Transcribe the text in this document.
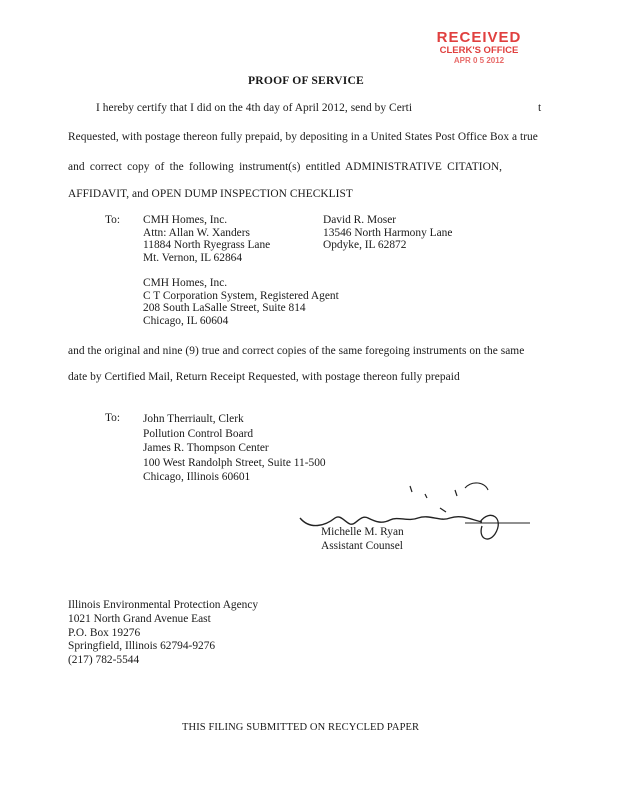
RECEIVED
CLERK'S OFFICE
APR 0 5 2012
PROOF OF SERVICE
I hereby certify that I did on the 4th day of April 2012, send by Certi	t
Requested, with postage thereon fully prepaid, by depositing in a United States Post Office Box a true
and correct copy of the following instrument(s) entitled ADMINISTRATIVE CITATION,
AFFIDAVIT, and OPEN DUMP INSPECTION CHECKLIST
To: CMH Homes, Inc.
Attn: Allan W. Xanders
11884 North Ryegrass Lane
Mt. Vernon, IL 62864
David R. Moser
13546 North Harmony Lane
Opdyke, IL 62872
CMH Homes, Inc.
C T Corporation System, Registered Agent
208 South LaSalle Street, Suite 814
Chicago, IL 60604
and the original and nine (9) true and correct copies of the same foregoing instruments on the same
date by Certified Mail, Return Receipt Requested, with postage thereon fully prepaid
To: John Therriault, Clerk
Pollution Control Board
James R. Thompson Center
100 West Randolph Street, Suite 11-500
Chicago, Illinois 60601
Michelle M. Ryan
Assistant Counsel
Illinois Environmental Protection Agency
1021 North Grand Avenue East
P.O. Box 19276
Springfield, Illinois 62794-9276
(217) 782-5544
THIS FILING SUBMITTED ON RECYCLED PAPER
